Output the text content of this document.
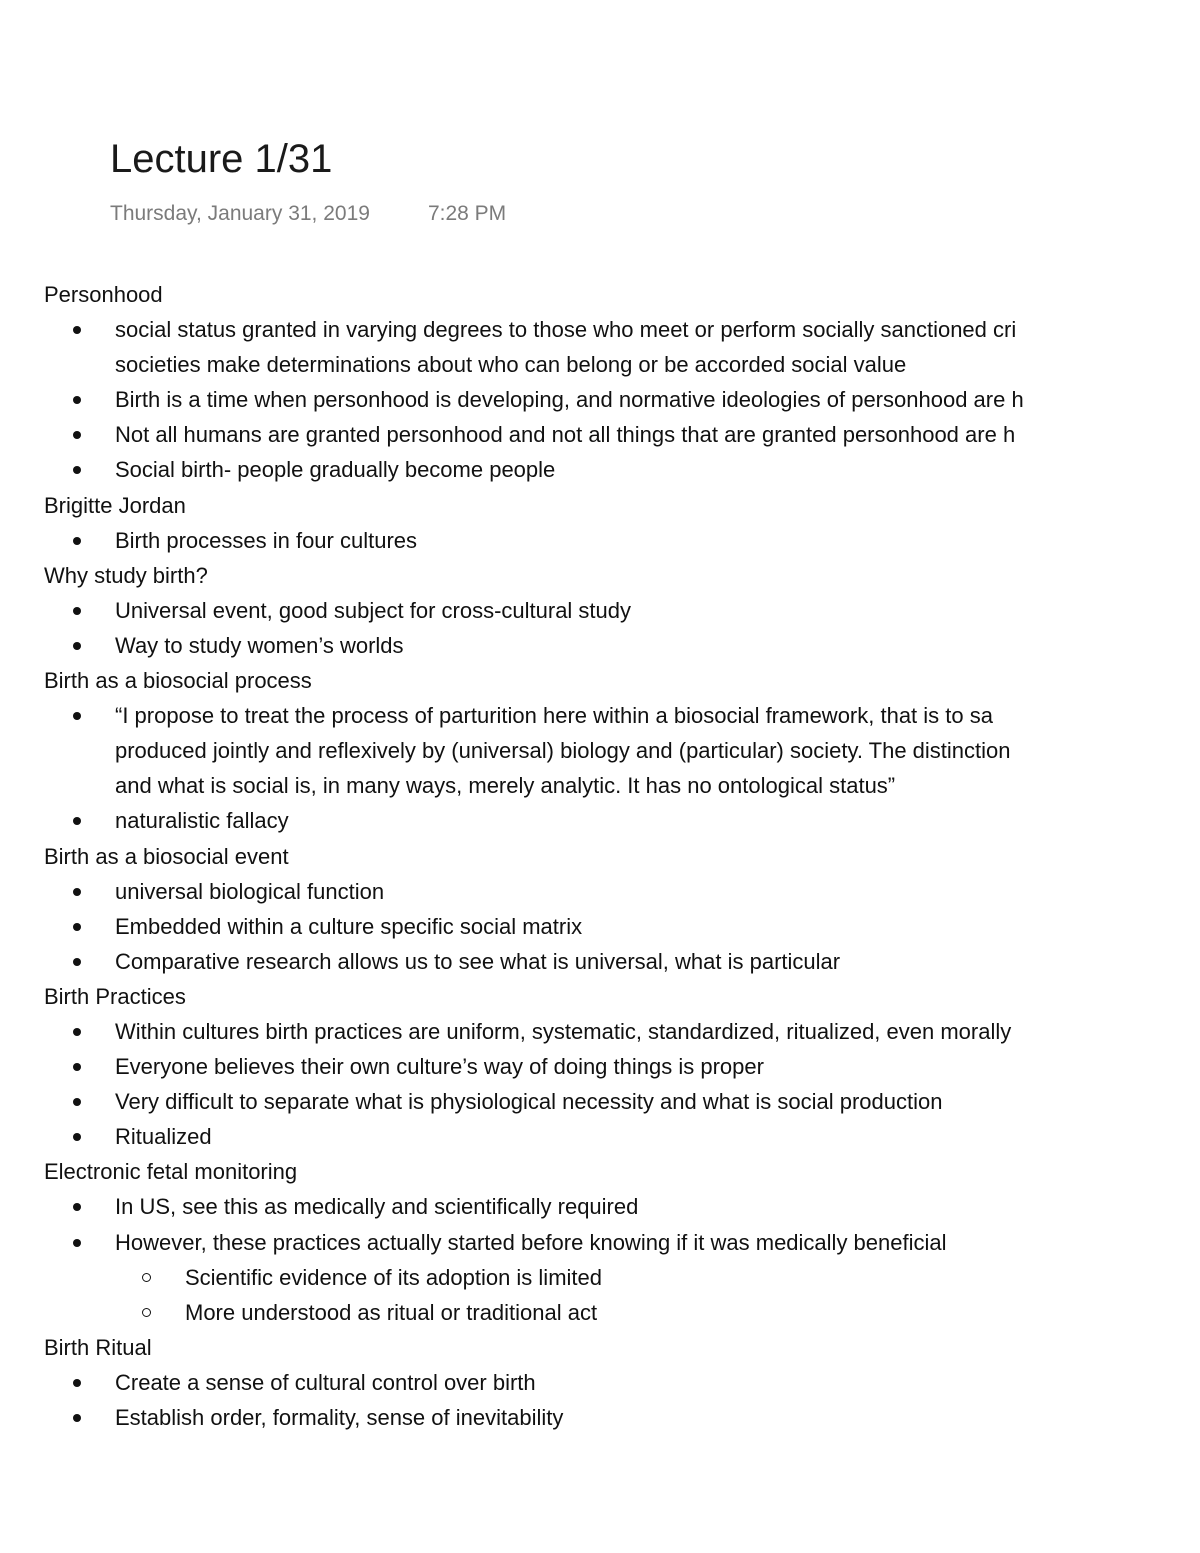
Lecture 1/31
Thursday, January 31, 2019	7:28 PM
Personhood
social status granted in varying degrees to those who meet or perform socially sanctioned cri
societies make determinations about who can belong or be accorded social value
Birth is a time when personhood is developing, and normative ideologies of personhood are h
Not all humans are granted personhood and not all things that are granted personhood are h
Social birth- people gradually become people
Brigitte Jordan
Birth processes in four cultures
Why study birth?
Universal event, good subject for cross-cultural study
Way to study women’s worlds
Birth as a biosocial process
“I propose to treat the process of parturition here within a biosocial framework, that is to sa
produced jointly and reflexively by (universal) biology and (particular) society. The distinction
and what is social is, in many ways, merely analytic. It has no ontological status”
naturalistic fallacy
Birth as a biosocial event
universal biological function
Embedded within a culture specific social matrix
Comparative research allows us to see what is universal, what is particular
Birth Practices
Within cultures birth practices are uniform, systematic, standardized, ritualized, even morally
Everyone believes their own culture’s way of doing things is proper
Very difficult to separate what is physiological necessity and what is social production
Ritualized
Electronic fetal monitoring
In US, see this as medically and scientifically required
However, these practices actually started before knowing if it was medically beneficial
Scientific evidence of its adoption is limited
More understood as ritual or traditional act
Birth Ritual
Create a sense of cultural control over birth
Establish order, formality, sense of inevitability
